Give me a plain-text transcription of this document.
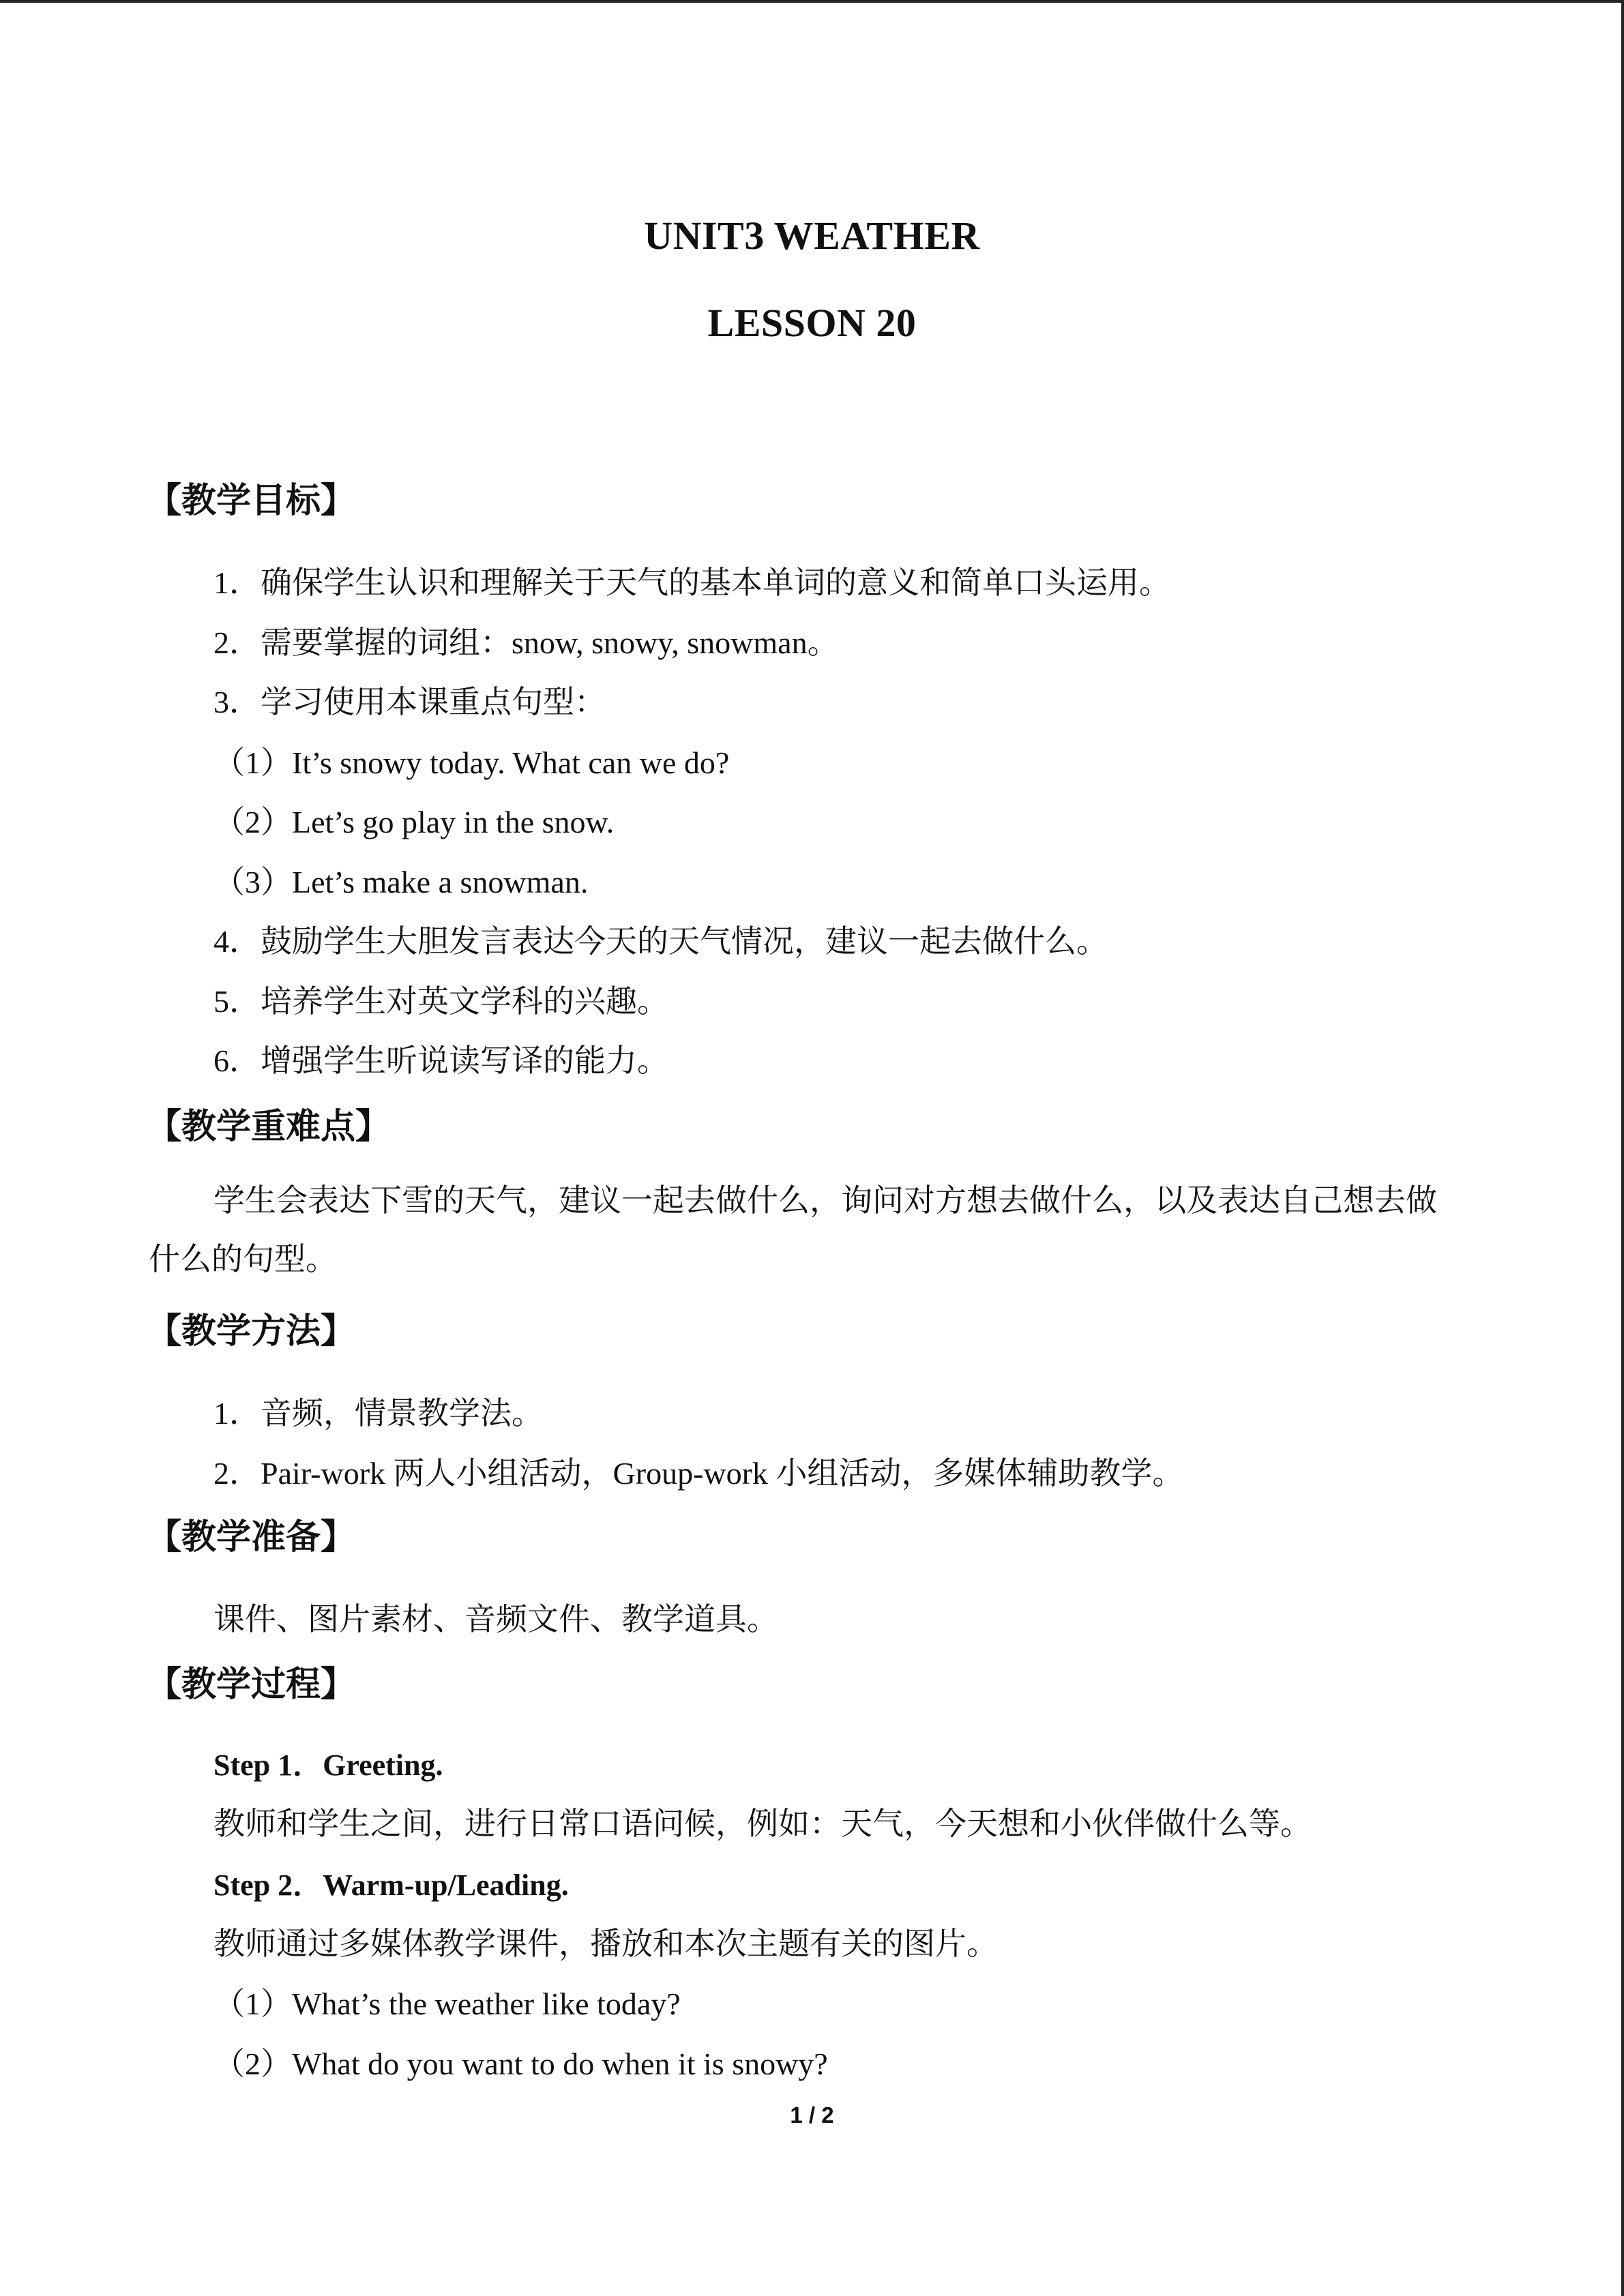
UNIT3 WEATHER
LESSON 20
【教学目标】
1．确保学生认识和理解关于天气的基本单词的意义和简单口头运用。
2．需要掌握的词组：snow, snowy, snowman。
3．学习使用本课重点句型：
（1）It’s snowy today. What can we do?
（2）Let’s go play in the snow.
（3）Let’s make a snowman.
4．鼓励学生大胆发言表达今天的天气情况，建议一起去做什么。
5．培养学生对英文学科的兴趣。
6．增强学生听说读写译的能力。
【教学重难点】
学生会表达下雪的天气，建议一起去做什么，询问对方想去做什么，以及表达自己想去做什么的句型。
【教学方法】
1．音频，情景教学法。
2．Pair-work 两人小组活动，Group-work 小组活动，多媒体辅助教学。
【教学准备】
课件、图片素材、音频文件、教学道具。
【教学过程】
Step 1．Greeting.
教师和学生之间，进行日常口语问候，例如：天气，今天想和小伙伴做什么等。
Step 2．Warm-up/Leading.
教师通过多媒体教学课件，播放和本次主题有关的图片。
（1）What’s the weather like today?
（2）What do you want to do when it is snowy?
1 / 2
